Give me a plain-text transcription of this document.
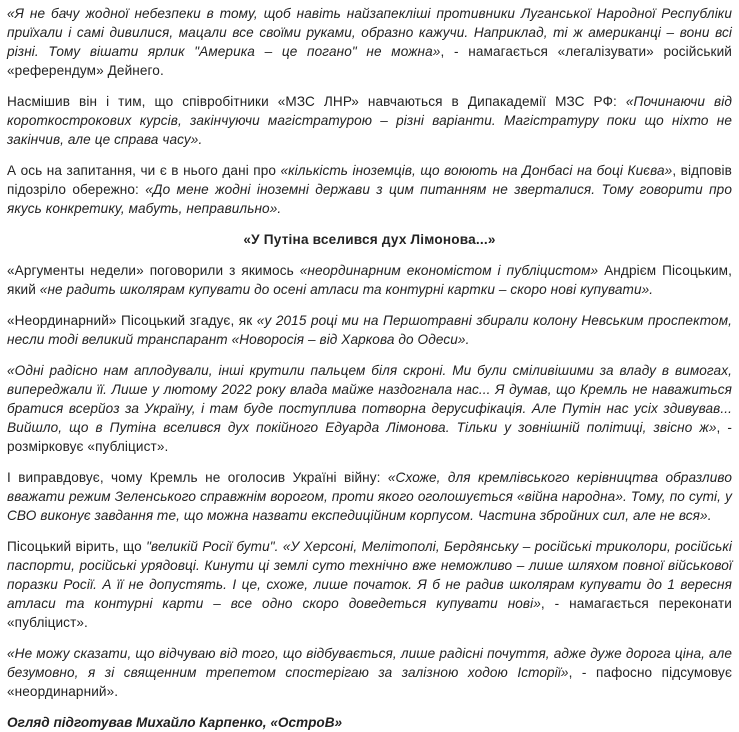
«Я не бачу жодної небезпеки в тому, щоб навіть найзапекліші противники Луганської Народної Республіки приїхали і самі дивилися, мацали все своїми руками, образно кажучи. Наприклад, ті ж американці – вони всі різні. Тому вішати ярлик "Америка – це погано" не можна», - намагається «легалізувати» російський «референдум» Дейнего.

Насмішив він і тим, що співробітники «МЗС ЛНР» навчаються в Дипакадемії МЗС РФ: «Починаючи від короткострокових курсів, закінчуючи магістратурою – різні варіанти. Магістратуру поки що ніхто не закінчив, але це справа часу».

А ось на запитання, чи є в нього дані про «кількість іноземців, що воюють на Донбасі на боці Києва», відповів підозріло обережно: «До мене жодні іноземні держави з цим питанням не зверталися. Тому говорити про якусь конкретику, мабуть, неправильно».

«У Путіна вселився дух Лімонова...»

«Аргументы недели» поговорили з якимось «неординарним економістом і публіцистом» Андрієм Пісоцьким, який «не радить школярам купувати до осені атласи та контурні картки – скоро нові купувати».

«Неординарний» Пісоцький згадує, як «у 2015 році ми на Першотравні збирали колону Невським проспектом, несли тоді великий транспарант «Новоросія – від Харкова до Одеси».

«Одні радісно нам аплодували, інші крутили пальцем біля скроні. Ми були сміливішими за владу в вимогах, випереджали її. Лише у лютому 2022 року влада майже наздогнала нас... Я думав, що Кремль не наважиться братися всерйоз за Україну, і там буде поступлива потворна дерусифікація. Але Путін нас усіх здивував... Вийшло, що в Путіна вселився дух покійного Едуарда Лімонова. Тільки у зовнішній політиці, звісно ж», - розмірковує «публіцист».

І виправдовує, чому Кремль не оголосив Україні війну: «Схоже, для кремлівського керівництва образливо вважати режим Зеленського справжнім ворогом, проти якого оголошується «війна народна». Тому, по суті, у СВО виконує завдання те, що можна назвати експедиційним корпусом. Частина збройних сил, але не вся».

Пісоцький вірить, що "великій Росії бути". «У Херсоні, Мелітополі, Бердянську – російські триколори, російські паспорти, російські урядовці. Кинути ці землі суто технічно вже неможливо – лише шляхом повної військової поразки Росії. А її не допустять. І це, схоже, лише початок. Я б не радив школярам купувати до 1 вересня атласи та контурні карти – все одно скоро доведеться купувати нові», - намагається переконати «публіцист».

«Не можу сказати, що відчуваю від того, що відбувається, лише радісні почуття, адже дуже дорога ціна, але безумовно, я зі священним трепетом спостерігаю за залізною ходою Історії», - пафосно підсумовує «неординарний».

Огляд підготував Михайло Карпенко, «ОстроВ»
